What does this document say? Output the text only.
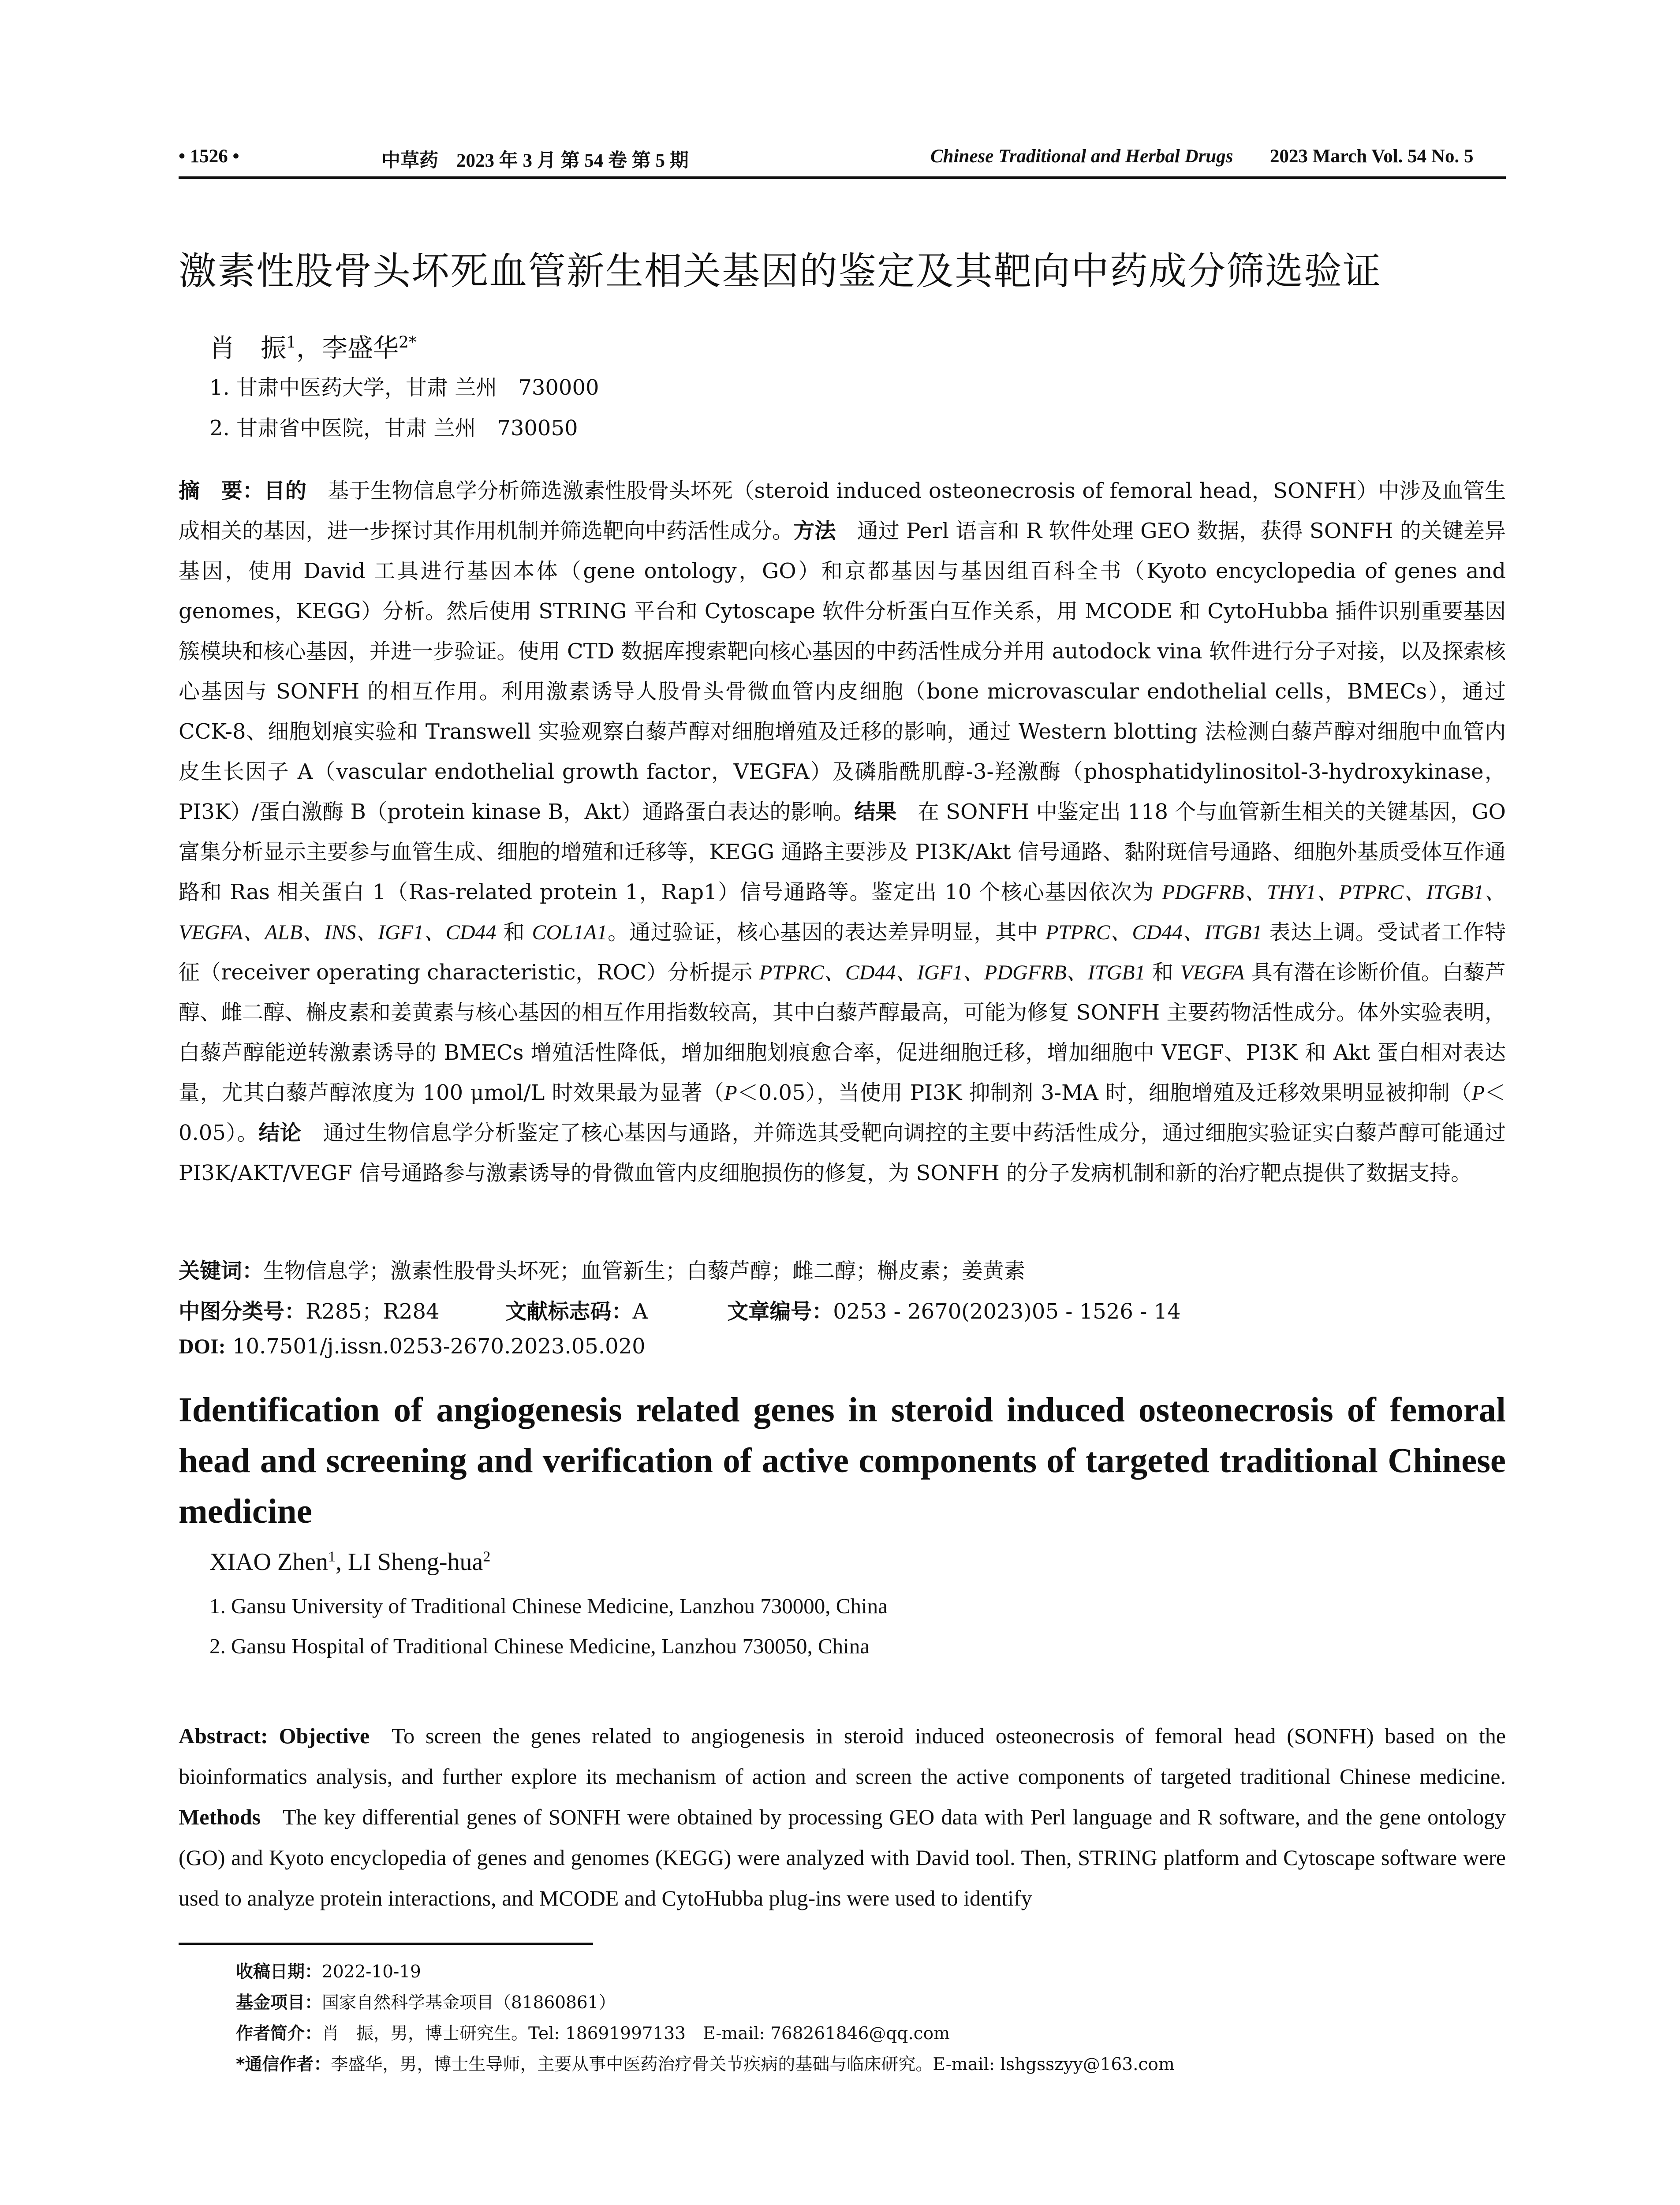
• 1526 •	中草药 2023 年 3 月 第 54 卷 第 5 期	Chinese Traditional and Herbal Drugs 2023 March Vol. 54 No. 5
激素性股骨头坏死血管新生相关基因的鉴定及其靶向中药成分筛选验证
肖　振$^1$，李盛华$^{2*}$
1. 甘肃中医药大学，甘肃 兰州　730000
2. 甘肃省中医院，甘肃 兰州　730050
摘　要：目的　基于生物信息学分析筛选激素性股骨头坏死（steroid induced osteonecrosis of femoral head，SONFH）中涉及血管生成相关的基因，进一步探讨其作用机制并筛选靶向中药活性成分。方法　通过 Perl 语言和 R 软件处理 GEO 数据，获得 SONFH 的关键差异基因，使用 David 工具进行基因本体（gene ontology，GO）和京都基因与基因组百科全书（Kyoto encyclopedia of genes and genomes，KEGG）分析。然后使用 STRING 平台和 Cytoscape 软件分析蛋白互作关系，用 MCODE 和 CytoHubba 插件识别重要基因簇模块和核心基因，并进一步验证。使用 CTD 数据库搜索靶向核心基因的中药活性成分并用 autodock vina 软件进行分子对接，以及探索核心基因与 SONFH 的相互作用。利用激素诱导人股骨头骨微血管内皮细胞（bone microvascular endothelial cells，BMECs），通过 CCK-8、细胞划痕实验和 Transwell 实验观察白藜芦醇对细胞增殖及迁移的影响，通过 Western blotting 法检测白藜芦醇对细胞中血管内皮生长因子 A（vascular endothelial growth factor，VEGFA）及磷脂酰肌醇-3-羟激酶（phosphatidylinositol-3-hydroxykinase，PI3K）/蛋白激酶 B（protein kinase B，Akt）通路蛋白表达的影响。结果　在 SONFH 中鉴定出 118 个与血管新生相关的关键基因，GO 富集分析显示主要参与血管生成、细胞的增殖和迁移等，KEGG 通路主要涉及 PI3K/Akt 信号通路、黏附斑信号通路、细胞外基质受体互作通路和 Ras 相关蛋白 1（Ras-related protein 1，Rap1）信号通路等。鉴定出 10 个核心基因依次为 PDGFRB、THY1、PTPRC、ITGB1、VEGFA、ALB、INS、IGF1、CD44 和 COL1A1。通过验证，核心基因的表达差异明显，其中 PTPRC、CD44、ITGB1 表达上调。受试者工作特征（receiver operating characteristic，ROC）分析提示 PTPRC、CD44、IGF1、PDGFRB、ITGB1 和 VEGFA 具有潜在诊断价值。白藜芦醇、雌二醇、槲皮素和姜黄素与核心基因的相互作用指数较高，其中白藜芦醇最高，可能为修复 SONFH 主要药物活性成分。体外实验表明，白藜芦醇能逆转激素诱导的 BMECs 增殖活性降低，增加细胞划痕愈合率，促进细胞迁移，增加细胞中 VEGF、PI3K 和 Akt 蛋白相对表达量，尤其白藜芦醇浓度为 100 μmol/L 时效果最为显著（P＜0.05），当使用 PI3K 抑制剂 3-MA 时，细胞增殖及迁移效果明显被抑制（P＜0.05）。结论　通过生物信息学分析鉴定了核心基因与通路，并筛选其受靶向调控的主要中药活性成分，通过细胞实验证实白藜芦醇可能通过 PI3K/AKT/VEGF 信号通路参与激素诱导的骨微血管内皮细胞损伤的修复，为 SONFH 的分子发病机制和新的治疗靶点提供了数据支持。
关键词：生物信息学；激素性股骨头坏死；血管新生；白藜芦醇；雌二醇；槲皮素；姜黄素
中图分类号：R285；R284	文献标志码：A	文章编号：0253 - 2670(2023)05 - 1526 - 14
DOI: 10.7501/j.issn.0253-2670.2023.05.020
Identification of angiogenesis related genes in steroid induced osteonecrosis of femoral head and screening and verification of active components of targeted traditional Chinese medicine
XIAO Zhen$^1$, LI Sheng-hua$^2$
1. Gansu University of Traditional Chinese Medicine, Lanzhou 730000, China
2. Gansu Hospital of Traditional Chinese Medicine, Lanzhou 730050, China
Abstract: Objective To screen the genes related to angiogenesis in steroid induced osteonecrosis of femoral head (SONFH) based on the bioinformatics analysis, and further explore its mechanism of action and screen the active components of targeted traditional Chinese medicine. Methods The key differential genes of SONFH were obtained by processing GEO data with Perl language and R software, and the gene ontology (GO) and Kyoto encyclopedia of genes and genomes (KEGG) were analyzed with David tool. Then, STRING platform and Cytoscape software were used to analyze protein interactions, and MCODE and CytoHubba plug-ins were used to identify
收稿日期：2022-10-19
基金项目：国家自然科学基金项目（81860861）
作者简介：肖　振，男，博士研究生。Tel: 18691997133　E-mail: 768261846@qq.com
*通信作者：李盛华，男，博士生导师，主要从事中医药治疗骨关节疾病的基础与临床研究。E-mail: lshgsszyy@163.com
